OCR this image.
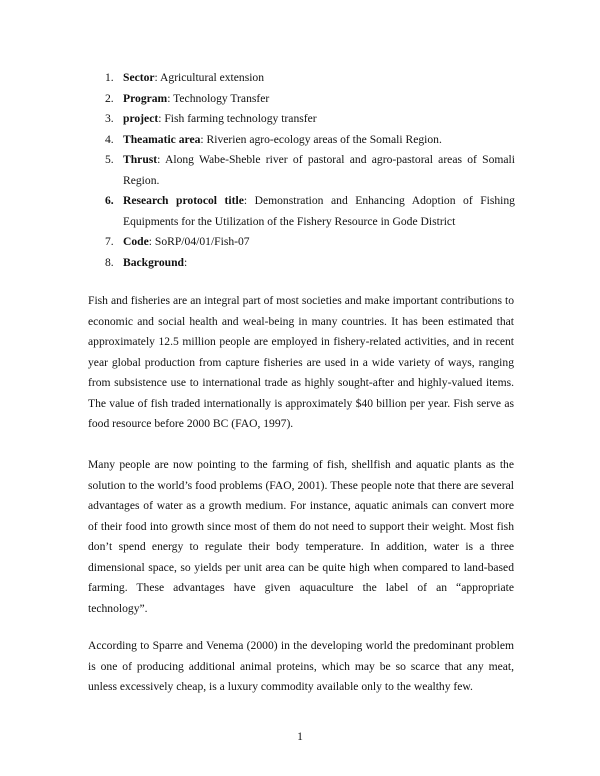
1. Sector: Agricultural extension
2. Program: Technology Transfer
3. project: Fish farming technology transfer
4. Theamatic area: Riverien agro-ecology areas of the Somali Region.
5. Thrust: Along Wabe-Sheble river of pastoral and agro-pastoral areas of Somali Region.
6. Research protocol title: Demonstration and Enhancing Adoption of Fishing Equipments for the Utilization of the Fishery Resource in Gode District
7. Code: SoRP/04/01/Fish-07
8. Background:

Fish and fisheries are an integral part of most societies and make important contributions to economic and social health and weal-being in many countries. It has been estimated that approximately 12.5 million people are employed in fishery-related activities, and in recent year global production from capture fisheries are used in a wide variety of ways, ranging from subsistence use to international trade as highly sought-after and highly-valued items. The value of fish traded internationally is approximately $40 billion per year. Fish serve as food resource before 2000 BC (FAO, 1997).

Many people are now pointing to the farming of fish, shellfish and aquatic plants as the solution to the world’s food problems (FAO, 2001). These people note that there are several advantages of water as a growth medium. For instance, aquatic animals can convert more of their food into growth since most of them do not need to support their weight. Most fish don’t spend energy to regulate their body temperature. In addition, water is a three dimensional space, so yields per unit area can be quite high when compared to land-based farming. These advantages have given aquaculture the label of an “appropriate technology”.

According to Sparre and Venema (2000) in the developing world the predominant problem is one of producing additional animal proteins, which may be so scarce that any meat, unless excessively cheap, is a luxury commodity available only to the wealthy few.

1
